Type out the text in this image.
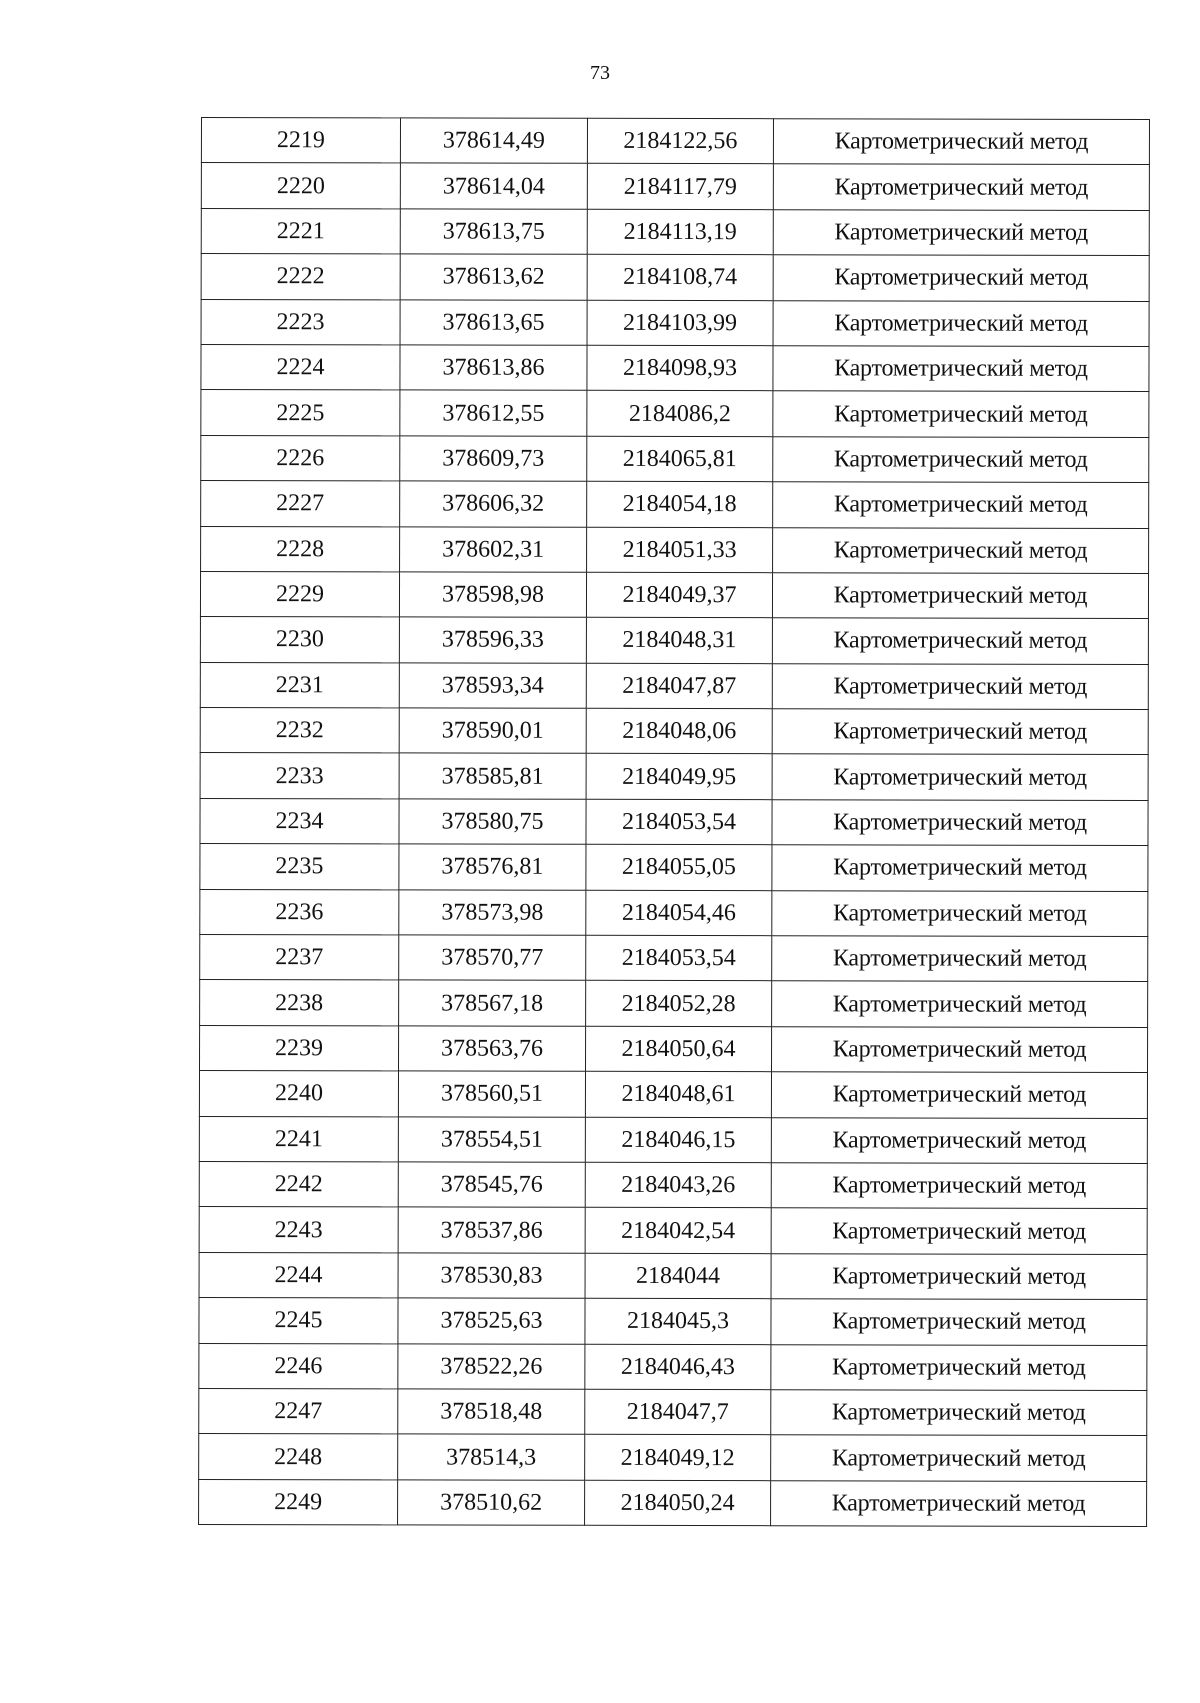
73
2219	378614,49	2184122,56	Картометрический метод
2220	378614,04	2184117,79	Картометрический метод
2221	378613,75	2184113,19	Картометрический метод
2222	378613,62	2184108,74	Картометрический метод
2223	378613,65	2184103,99	Картометрический метод
2224	378613,86	2184098,93	Картометрический метод
2225	378612,55	2184086,2	Картометрический метод
2226	378609,73	2184065,81	Картометрический метод
2227	378606,32	2184054,18	Картометрический метод
2228	378602,31	2184051,33	Картометрический метод
2229	378598,98	2184049,37	Картометрический метод
2230	378596,33	2184048,31	Картометрический метод
2231	378593,34	2184047,87	Картометрический метод
2232	378590,01	2184048,06	Картометрический метод
2233	378585,81	2184049,95	Картометрический метод
2234	378580,75	2184053,54	Картометрический метод
2235	378576,81	2184055,05	Картометрический метод
2236	378573,98	2184054,46	Картометрический метод
2237	378570,77	2184053,54	Картометрический метод
2238	378567,18	2184052,28	Картометрический метод
2239	378563,76	2184050,64	Картометрический метод
2240	378560,51	2184048,61	Картометрический метод
2241	378554,51	2184046,15	Картометрический метод
2242	378545,76	2184043,26	Картометрический метод
2243	378537,86	2184042,54	Картометрический метод
2244	378530,83	2184044	Картометрический метод
2245	378525,63	2184045,3	Картометрический метод
2246	378522,26	2184046,43	Картометрический метод
2247	378518,48	2184047,7	Картометрический метод
2248	378514,3	2184049,12	Картометрический метод
2249	378510,62	2184050,24	Картометрический метод
